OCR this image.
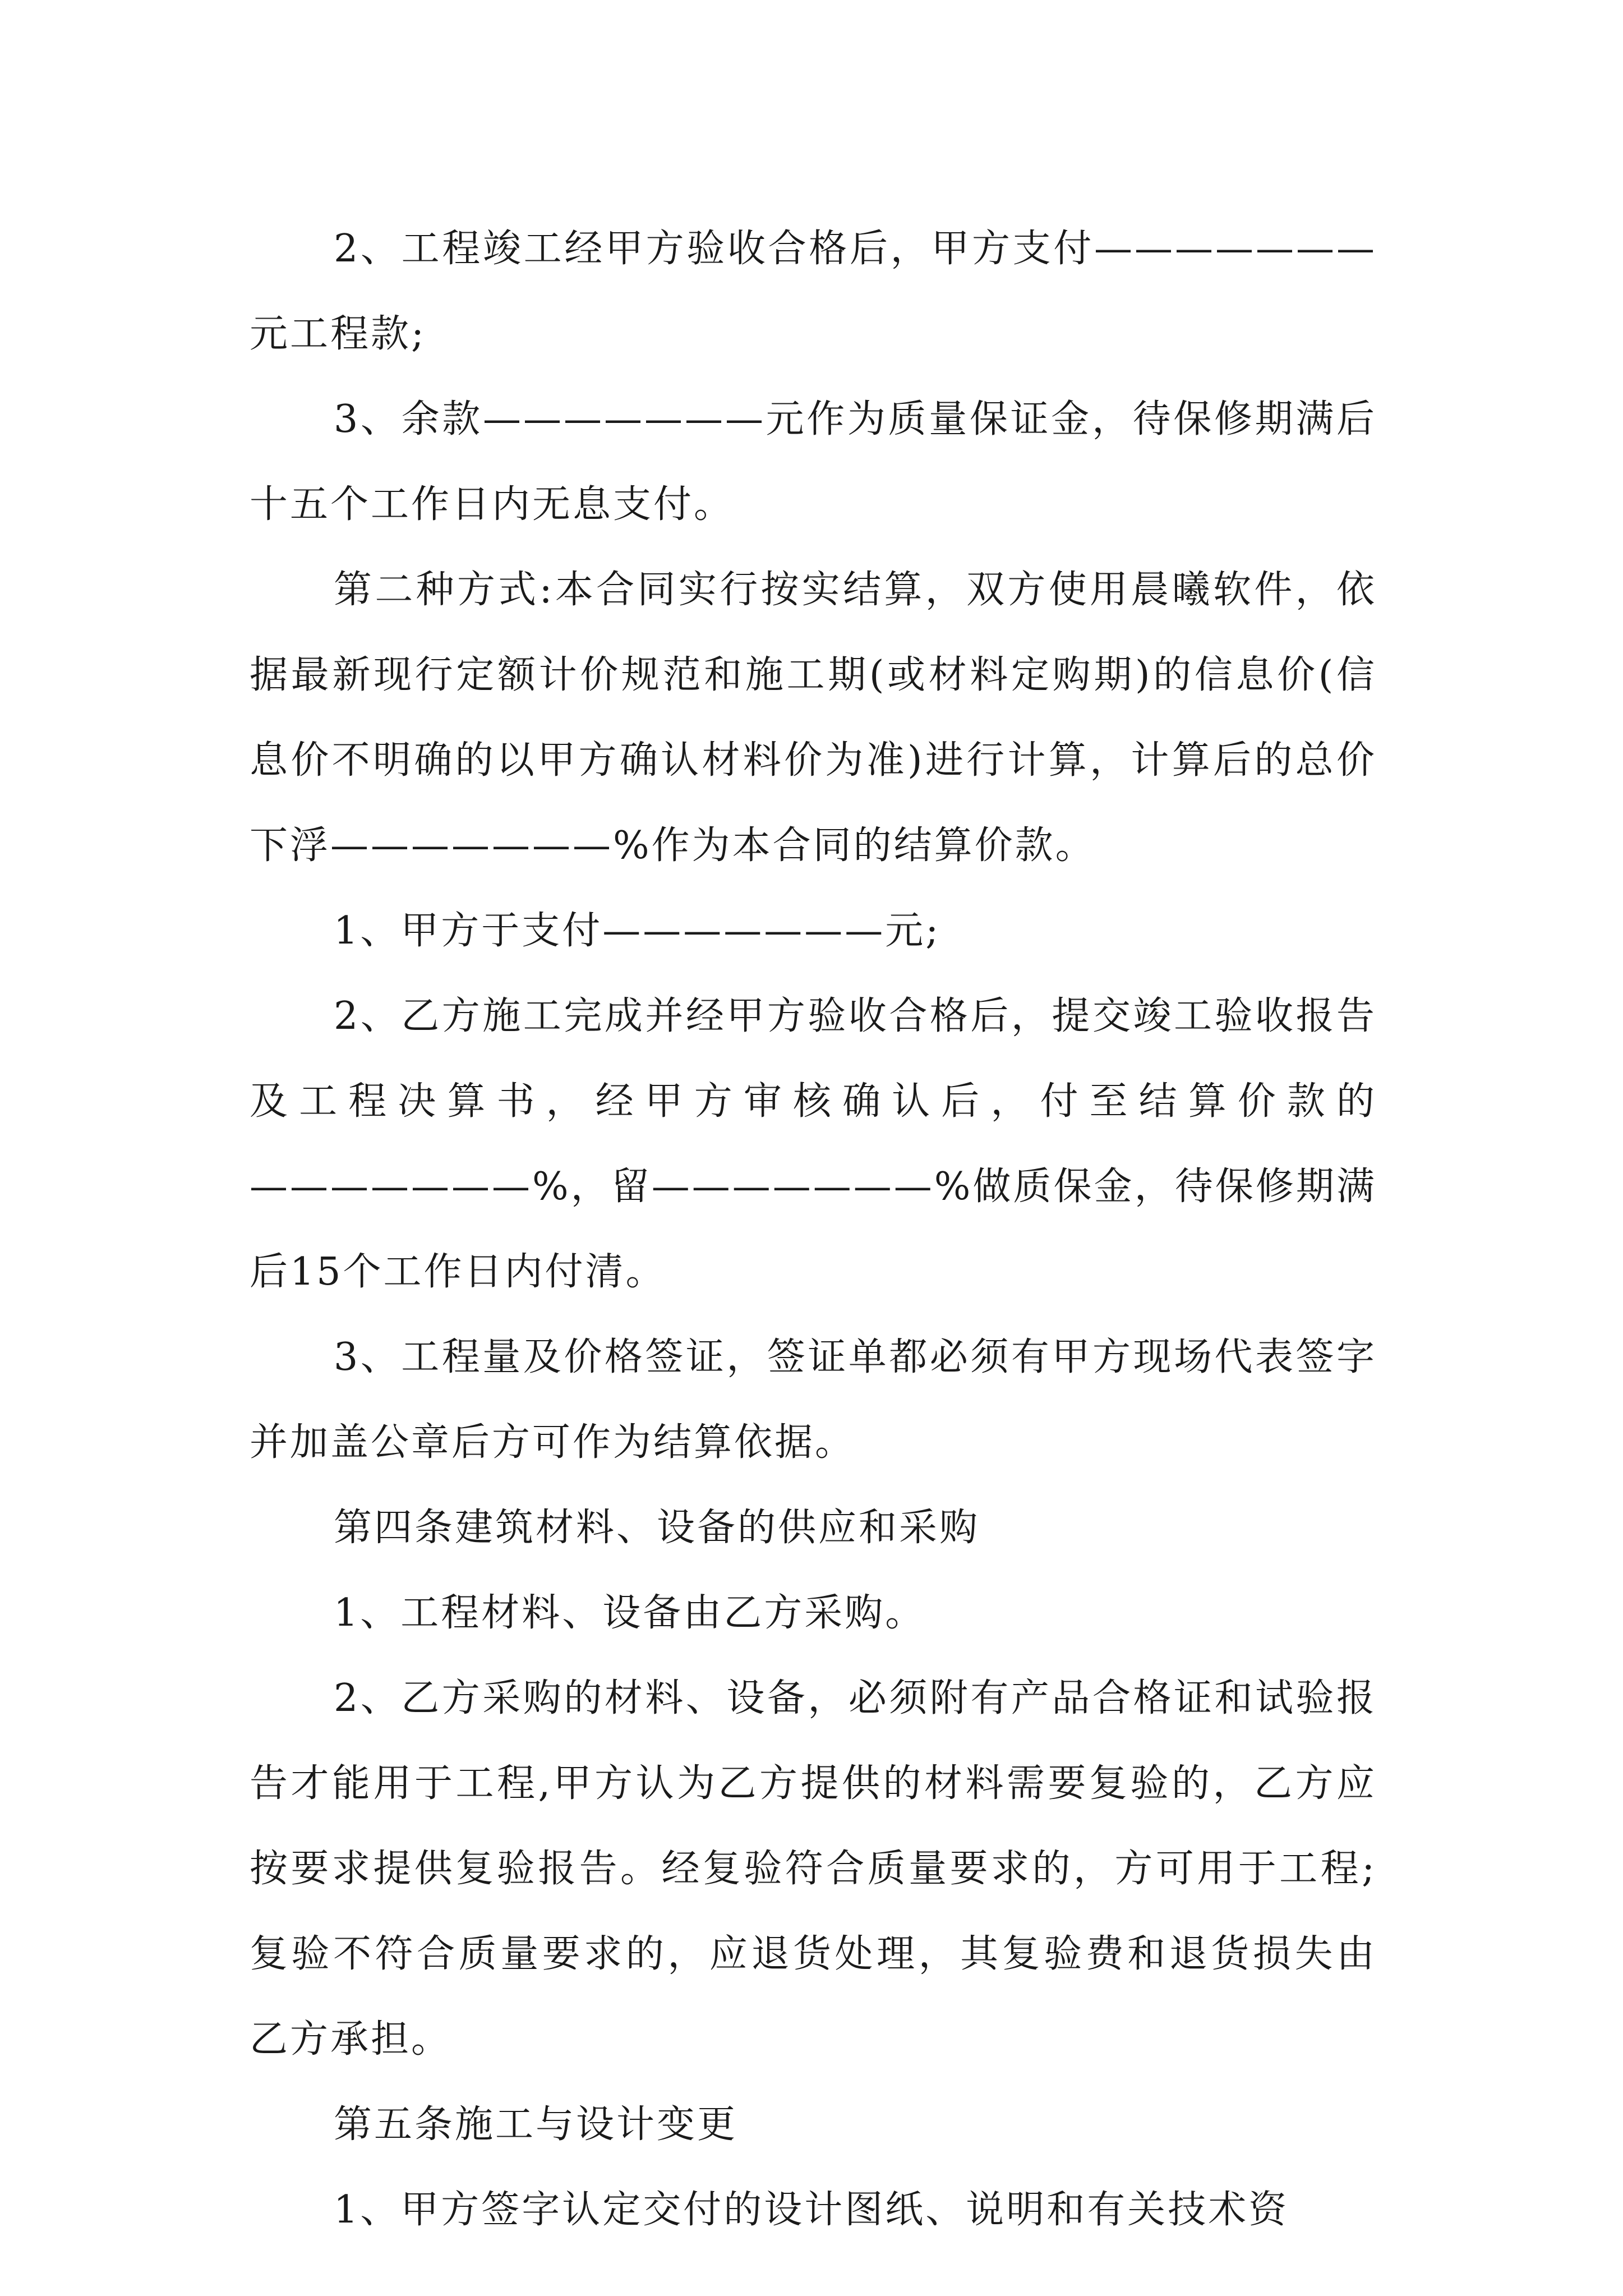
2、工程竣工经甲方验收合格后，甲方支付———————元工程款;

3、余款———————元作为质量保证金，待保修期满后十五个工作日内无息支付。

第二种方式:本合同实行按实结算，双方使用晨曦软件，依据最新现行定额计价规范和施工期(或材料定购期)的信息价(信息价不明确的以甲方确认材料价为准)进行计算，计算后的总价下浮———————%作为本合同的结算价款。

1、甲方于支付———————元;

2、乙方施工完成并经甲方验收合格后，提交竣工验收报告及工程决算书，经甲方审核确认后，付至结算价款的———————%，留———————%做质保金，待保修期满后15个工作日内付清。

3、工程量及价格签证，签证单都必须有甲方现场代表签字并加盖公章后方可作为结算依据。

第四条建筑材料、设备的供应和采购

1、工程材料、设备由乙方采购。

2、乙方采购的材料、设备，必须附有产品合格证和试验报告才能用于工程,甲方认为乙方提供的材料需要复验的，乙方应按要求提供复验报告。经复验符合质量要求的，方可用于工程;复验不符合质量要求的，应退货处理，其复验费和退货损失由乙方承担。

第五条施工与设计变更

1、甲方签字认定交付的设计图纸、说明和有关技术资
